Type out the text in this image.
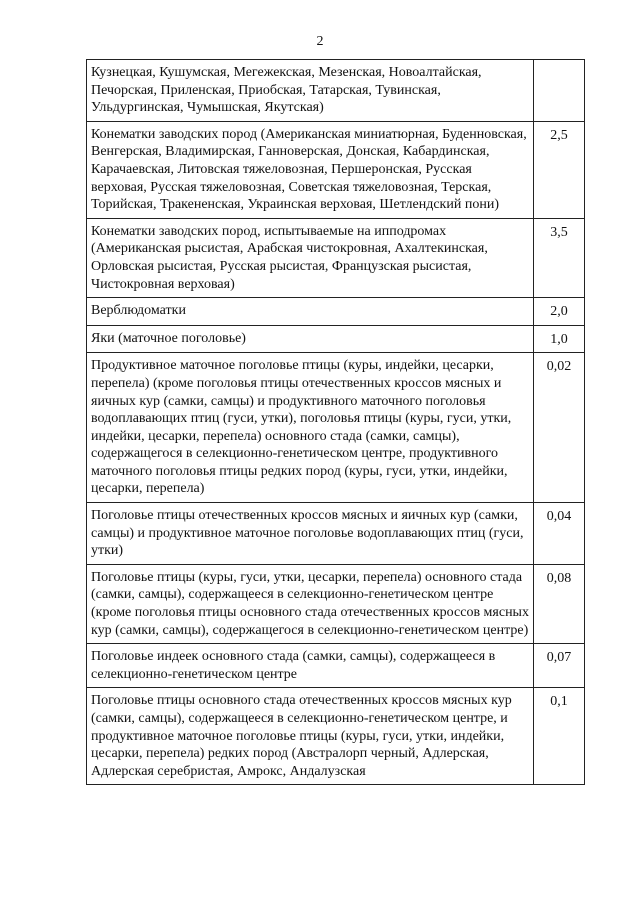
2
Кузнецкая, Кушумская, Мегежекская, Мезенская, Новоалтайская, Печорская, Приленская, Приобская, Татарская, Тувинская, Ульдургинская, Чумышская, Якутская)	

Конематки заводских пород (Американская миниатюрная, Буденновская, Венгерская, Владимирская, Ганноверская, Донская, Кабардинская, Карачаевская, Литовская тяжеловозная, Першеронская, Русская верховая, Русская тяжеловозная, Советская тяжеловозная, Терская, Торийская, Тракененская, Украинская верховая, Шетлендский пони)	2,5

Конематки заводских пород, испытываемые на ипподромах (Американская рысистая, Арабская чистокровная, Ахалтекинская, Орловская рысистая, Русская рысистая, Французская рысистая, Чистокровная верховая)	3,5

Верблюдоматки	2,0

Яки (маточное поголовье)	1,0

Продуктивное маточное поголовье птицы (куры, индейки, цесарки, перепела) (кроме поголовья птицы отечественных кроссов мясных и яичных кур (самки, самцы) и продуктивного маточного поголовья водоплавающих птиц (гуси, утки), поголовья птицы (куры, гуси, утки, индейки, цесарки, перепела) основного стада (самки, самцы), содержащегося в селекционно-генетическом центре, продуктивного маточного поголовья птицы редких пород (куры, гуси, утки, индейки, цесарки, перепела)	0,02

Поголовье птицы отечественных кроссов мясных и яичных кур (самки, самцы) и продуктивное маточное поголовье водоплавающих птиц (гуси, утки)	0,04

Поголовье птицы (куры, гуси, утки, цесарки, перепела) основного стада (самки, самцы), содержащееся в селекционно-генетическом центре (кроме поголовья птицы основного стада отечественных кроссов мясных кур (самки, самцы), содержащегося в селекционно-генетическом центре)	0,08

Поголовье индеек основного стада (самки, самцы), содержащееся в селекционно-генетическом центре	0,07

Поголовье птицы основного стада отечественных кроссов мясных кур (самки, самцы), содержащееся в селекционно-генетическом центре, и продуктивное маточное поголовье птицы (куры, гуси, утки, индейки, цесарки, перепела) редких пород (Австралорп черный, Адлерская, Адлерская серебристая, Амрокс, Андалузская	0,1
